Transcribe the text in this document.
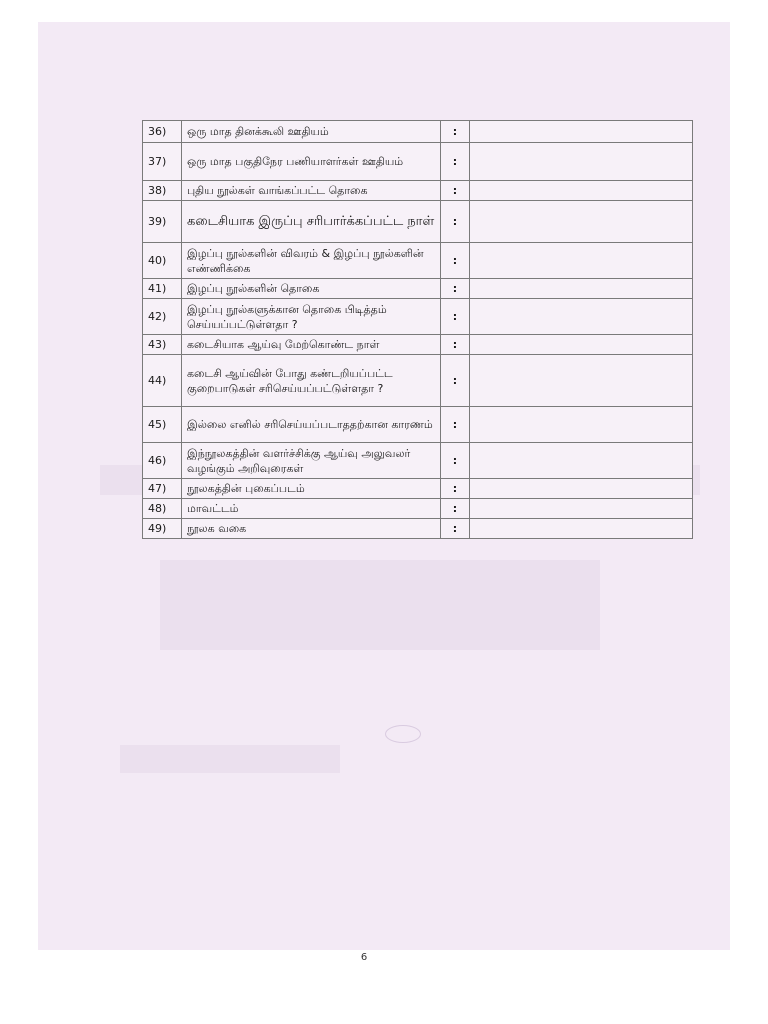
36)	ஒரு மாத தினக்கூலி ஊதியம்	:	
37)	ஒரு மாத பகுதிநேர பணியாளர்கள் ஊதியம்	:	
38)	புதிய நூல்கள் வாங்கப்பட்ட தொகை	:	
39)	கடைசியாக இருப்பு சரிபார்க்கப்பட்ட நாள்	:	
40)	இழப்பு நூல்களின் விவரம் & இழப்பு நூல்களின் எண்ணிக்கை	:	
41)	இழப்பு நூல்களின் தொகை	:	
42)	இழப்பு நூல்களுக்கான தொகை பிடித்தம் செய்யப்பட்டுள்ளதா ?	:	
43)	கடைசியாக ஆய்வு மேற்கொண்ட நாள்	:	
44)	கடைசி ஆய்வின் போது கண்டறியப்பட்ட குறைபாடுகள் சரிசெய்யப்பட்டுள்ளதா ?	:	
45)	இல்லை எனில் சரிசெய்யப்படாததற்கான காரணம்	:	
46)	இந்நூலகத்தின் வளர்ச்சிக்கு ஆய்வு அலுவலர் வழங்கும் அறிவுரைகள்	:	
47)	நூலகத்தின் புகைப்படம்	:	
48)	மாவட்டம்	:	
49)	நூலக வகை	:	
6
